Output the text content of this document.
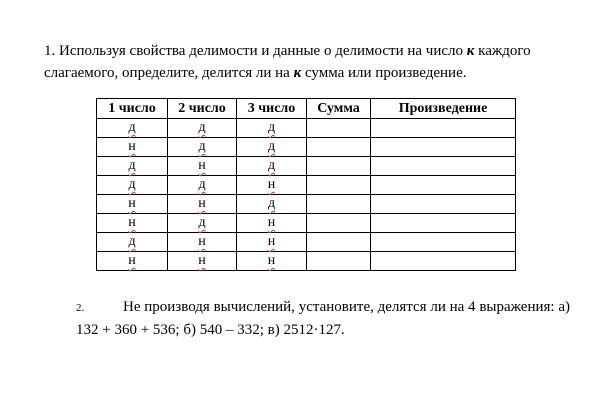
1. Используя свойства делимости и данные о делимости на число к каждого слагаемого, определите, делится ли на к сумма или произведение.

1 число	2 число	3 число	Сумма	Произведение
д	д	д		
н	д	д		
д	н	д		
д	д	н		
н	н	д		
н	д	н		
д	н	н		
н	н	н		

2.	Не производя вычислений, установите, делятся ли на 4 выражения: а) 132 + 360 + 536; б) 540 – 332; в) 2512·127.
